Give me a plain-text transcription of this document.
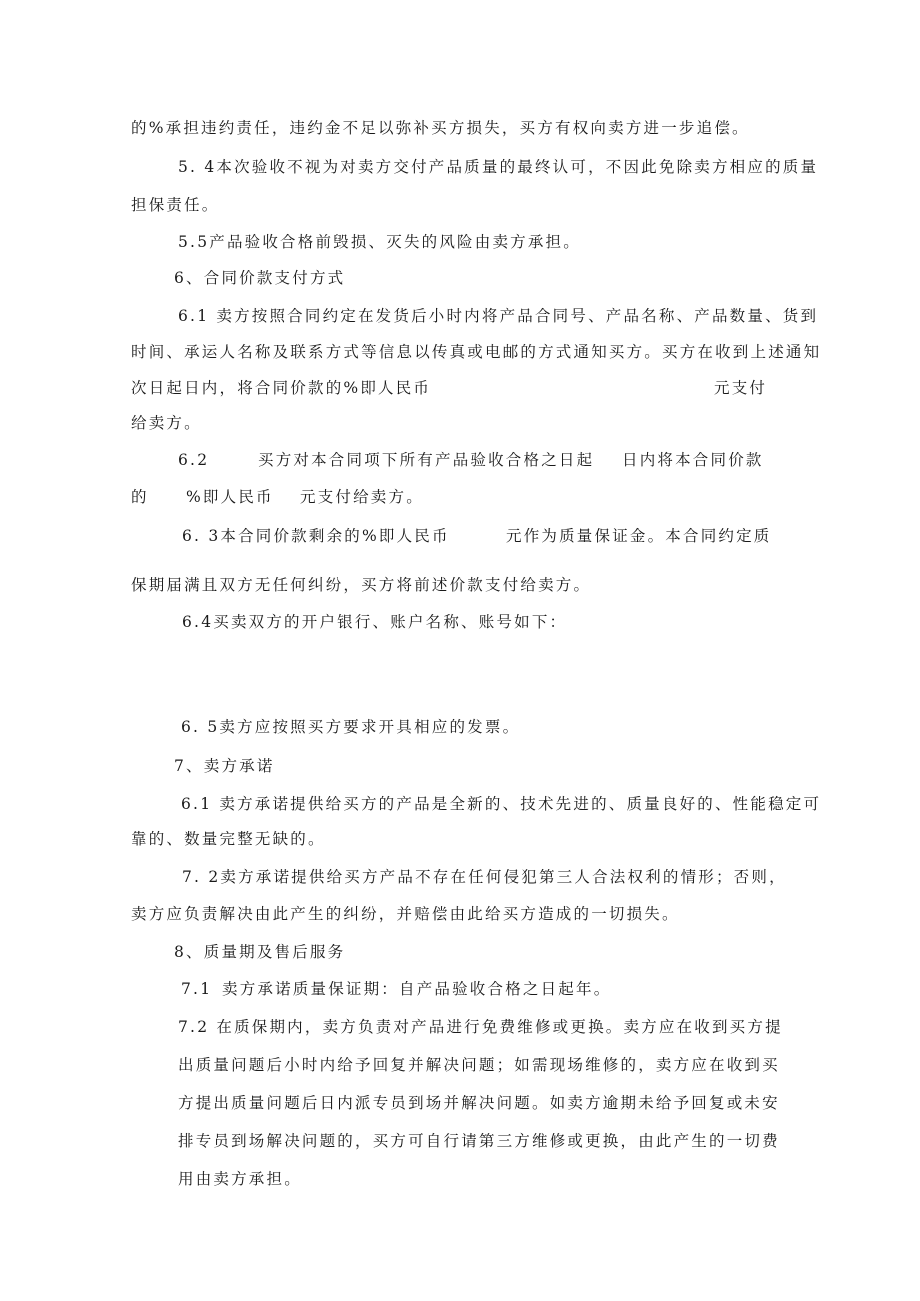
的%承担违约责任，违约金不足以弥补买方损失，买方有权向卖方进一步追偿。
5. 4本次验收不视为对卖方交付产品质量的最终认可，不因此免除卖方相应的质量
担保责任。
5.5产品验收合格前毁损、灭失的风险由卖方承担。
6、合同价款支付方式
6.1 卖方按照合同约定在发货后小时内将产品合同号、产品名称、产品数量、货到
时间、承运人名称及联系方式等信息以传真或电邮的方式通知买方。买方在收到上述通知
次日起日内，将合同价款的%即人民币	元支付
给卖方。
6.2	买方对本合同项下所有产品验收合格之日起 日内将本合同价款
的 %即人民币 元支付给卖方。
6. 3本合同价款剩余的%即人民币	元作为质量保证金。本合同约定质
保期届满且双方无任何纠纷，买方将前述价款支付给卖方。
6.4买卖双方的开户银行、账户名称、账号如下：
6. 5卖方应按照买方要求开具相应的发票。
7、卖方承诺
6.1 卖方承诺提供给买方的产品是全新的、技术先进的、质量良好的、性能稳定可
靠的、数量完整无缺的。
7. 2卖方承诺提供给买方产品不存在任何侵犯第三人合法权利的情形；否则，
卖方应负责解决由此产生的纠纷，并赔偿由此给买方造成的一切损失。
8、质量期及售后服务
7.1 卖方承诺质量保证期：自产品验收合格之日起年。
7.2 在质保期内，卖方负责对产品进行免费维修或更换。卖方应在收到买方提出质量问题后小时内给予回复并解决问题；如需现场维修的，卖方应在收到买方提出质量问题后日内派专员到场并解决问题。如卖方逾期未给予回复或未安排专员到场解决问题的，买方可自行请第三方维修或更换，由此产生的一切费用由卖方承担。
